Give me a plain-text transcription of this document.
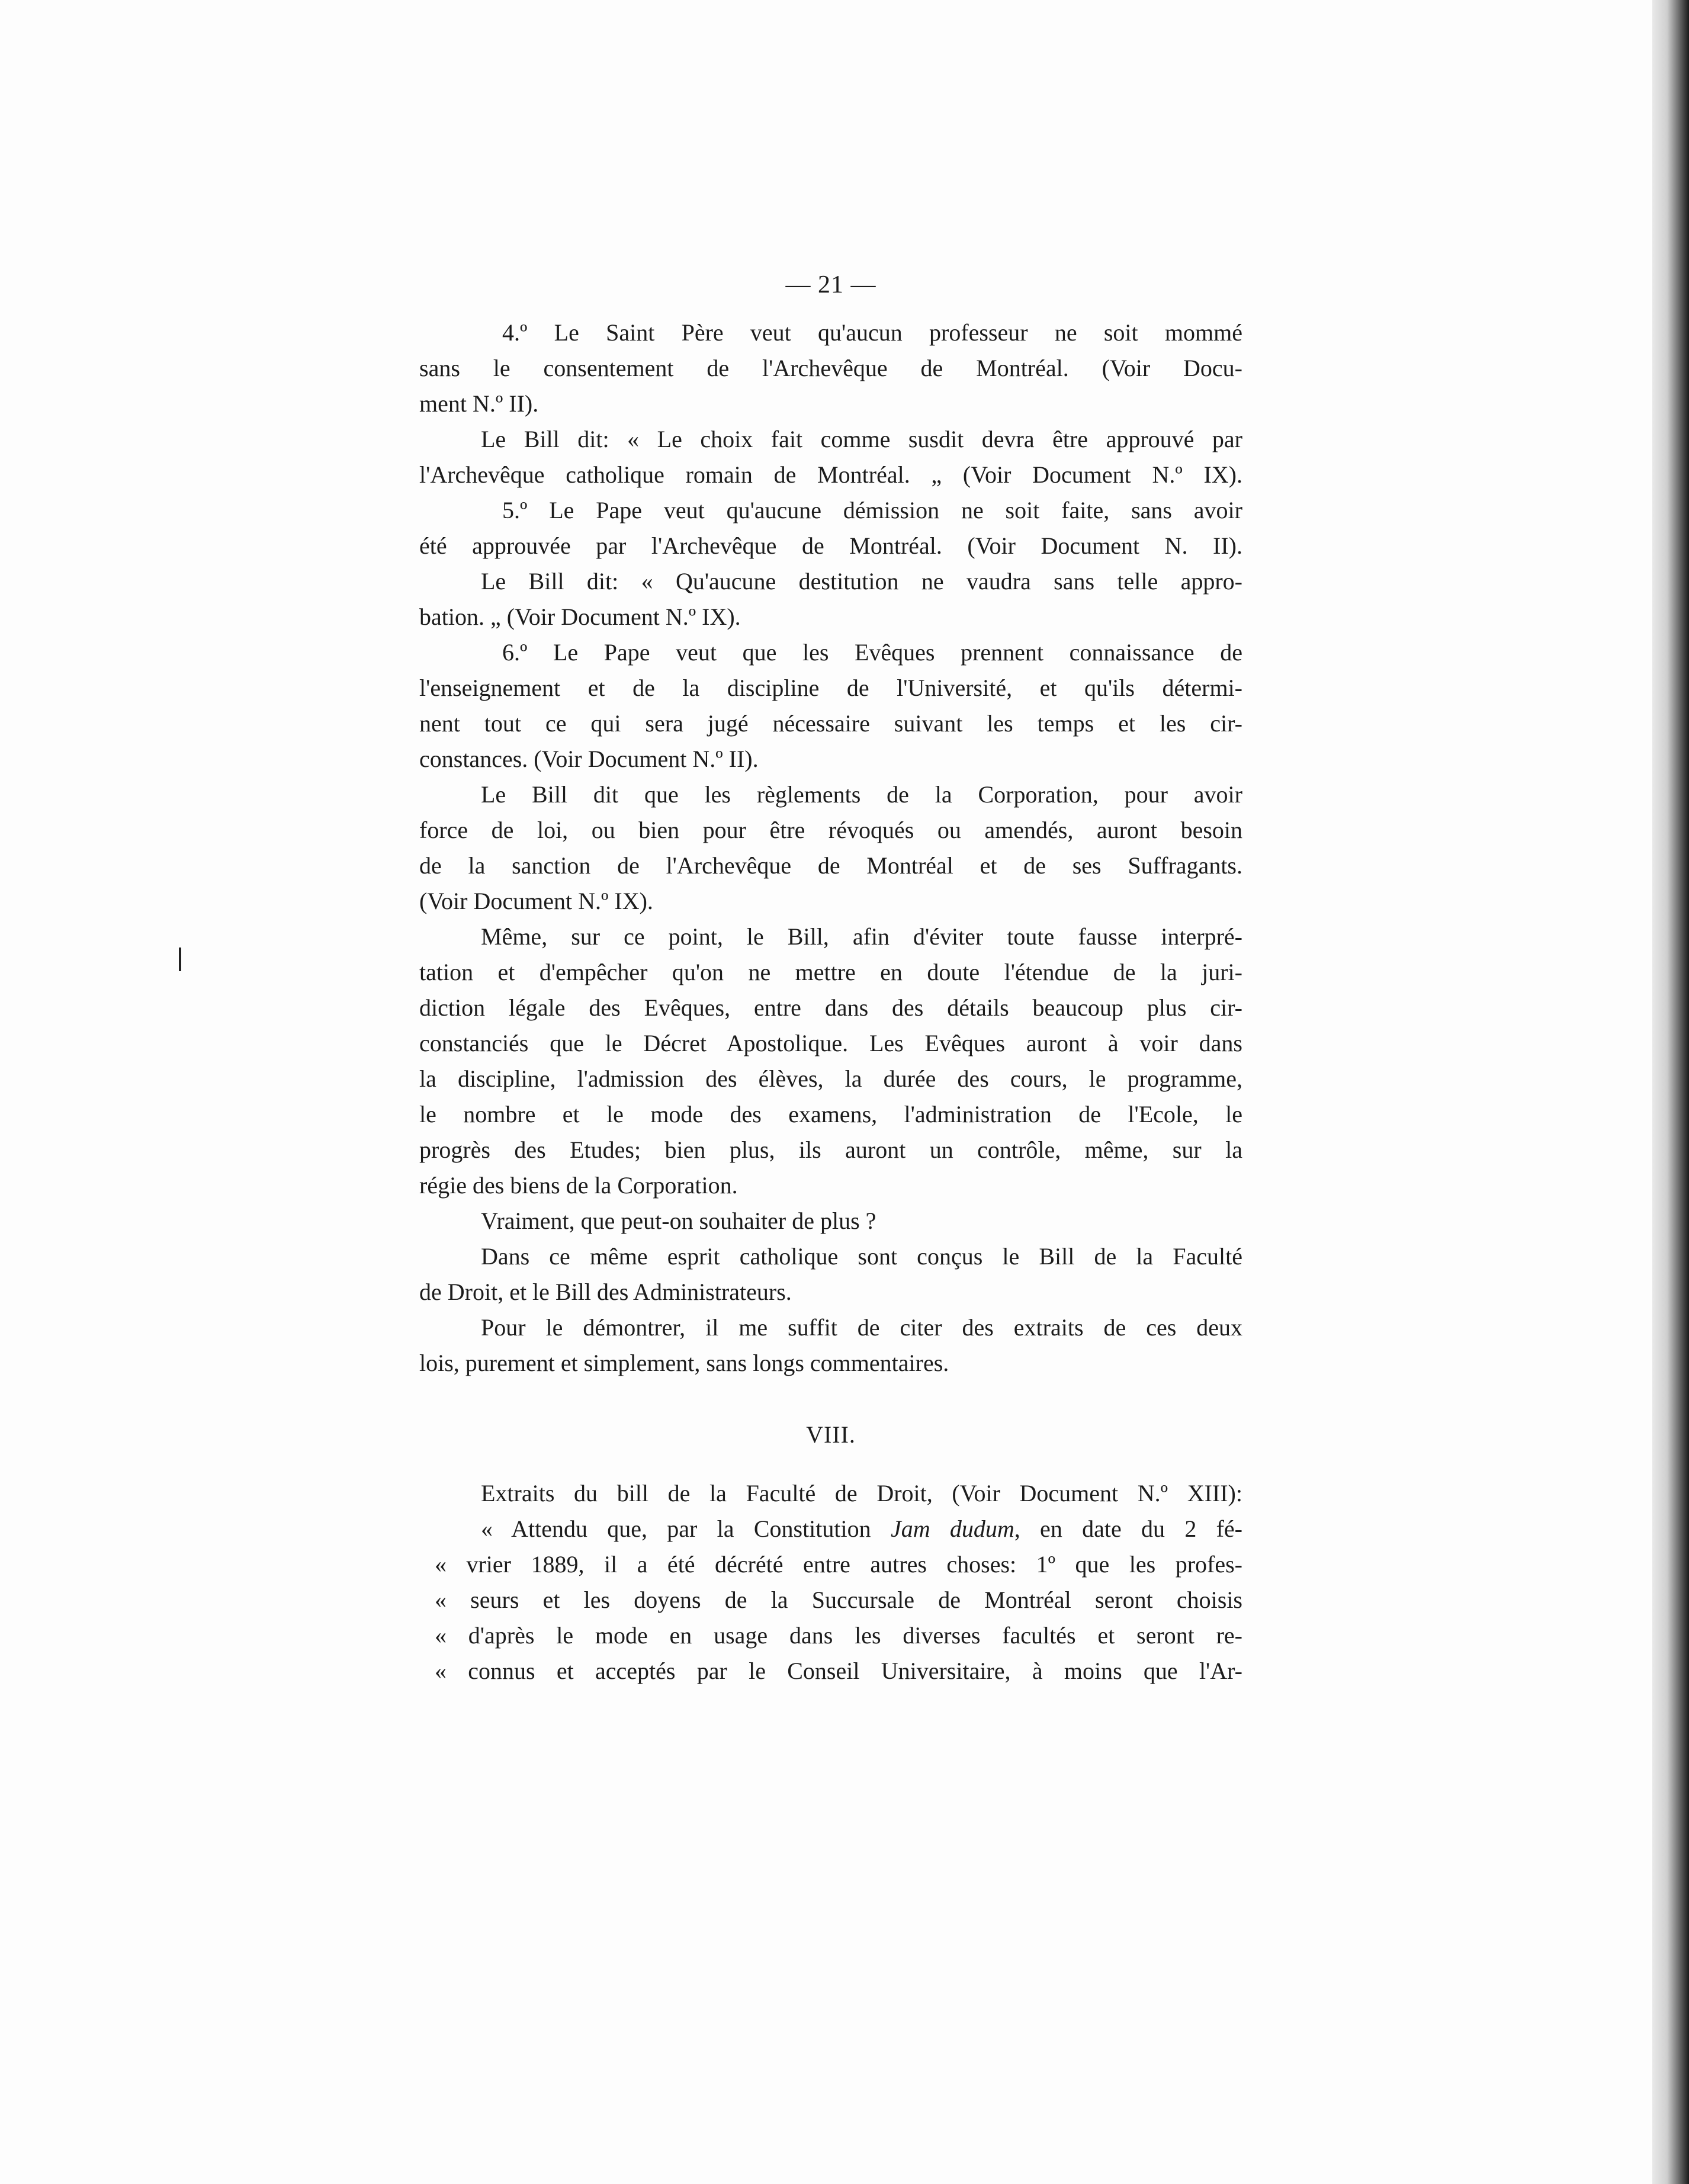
— 21 —
VIII.
4.º Le Saint Père veut qu'aucun professeur ne soit mommé
sans le consentement de l'Archevêque de Montréal. (Voir Docu-
ment N.º II).
Le Bill dit: « Le choix fait comme susdit devra être approuvé par
l'Archevêque catholique romain de Montréal. „ (Voir Document N.º IX).
5.º Le Pape veut qu'aucune démission ne soit faite, sans avoir
été approuvée par l'Archevêque de Montréal. (Voir Document N. II).
Le Bill dit: « Qu'aucune destitution ne vaudra sans telle appro-
bation. „ (Voir Document N.º IX).
6.º Le Pape veut que les Evêques prennent connaissance de
l'enseignement et de la discipline de l'Université, et qu'ils détermi-
nent tout ce qui sera jugé nécessaire suivant les temps et les cir-
constances. (Voir Document N.º II).
Le Bill dit que les règlements de la Corporation, pour avoir
force de loi, ou bien pour être révoqués ou amendés, auront besoin
de la sanction de l'Archevêque de Montréal et de ses Suffragants.
(Voir Document N.º IX).
Même, sur ce point, le Bill, afin d'éviter toute fausse interpré-
tation et d'empêcher qu'on ne mettre en doute l'étendue de la juri-
diction légale des Evêques, entre dans des détails beaucoup plus cir-
constanciés que le Décret Apostolique. Les Evêques auront à voir dans
la discipline, l'admission des élèves, la durée des cours, le programme,
le nombre et le mode des examens, l'administration de l'Ecole, le
progrès des Etudes; bien plus, ils auront un contrôle, même, sur la
régie des biens de la Corporation.
Vraiment, que peut-on souhaiter de plus ?
Dans ce même esprit catholique sont conçus le Bill de la Faculté
de Droit, et le Bill des Administrateurs.
Pour le démontrer, il me suffit de citer des extraits de ces deux
lois, purement et simplement, sans longs commentaires.
Extraits du bill de la Faculté de Droit, (Voir Document N.º XIII):
« Attendu que, par la Constitution Jam dudum, en date du 2 fé-
« vrier 1889, il a été décrété entre autres choses: 1º que les profes-
« seurs et les doyens de la Succursale de Montréal seront choisis
« d'après le mode en usage dans les diverses facultés et seront re-
« connus et acceptés par le Conseil Universitaire, à moins que l'Ar-
